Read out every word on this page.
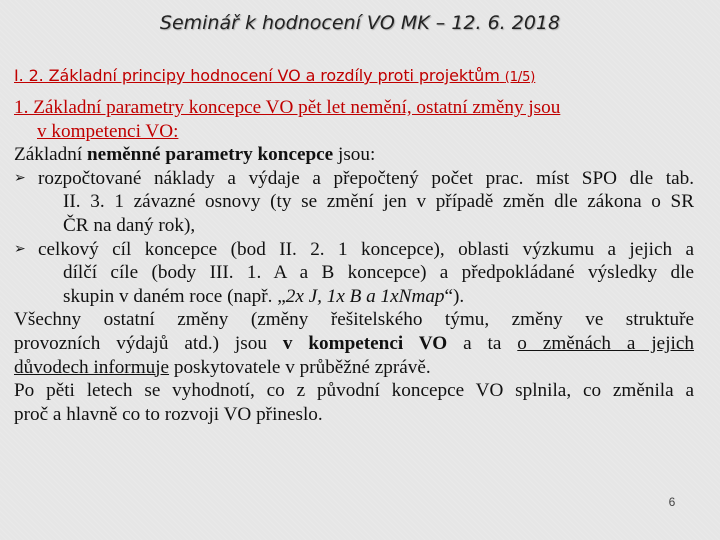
Seminář k hodnocení VO MK – 12. 6. 2018
I. 2. Základní principy hodnocení VO a rozdíly proti projektům (1/5)

1. Základní parametry koncepce VO pět let nemění, ostatní změny jsou
v kompetenci VO:

Základní neměnné parametry koncepce jsou:

➢ rozpočtované náklady a výdaje a přepočtený počet prac. míst SPO dle tab.
II. 3. 1 závazné osnovy (ty se změní jen v případě změn dle zákona o SR
ČR na daný rok),
➢ celkový cíl koncepce (bod II. 2. 1 koncepce), oblasti výzkumu a jejich a
dílčí cíle (body III. 1. A a B koncepce) a předpokládané výsledky dle
skupin v daném roce (např. „2x J, 1x B a 1xNmap“).

Všechny ostatní změny (změny řešitelského týmu, změny ve struktuře
provozních výdajů atd.) jsou v kompetenci VO a ta o změnách a jejich
důvodech informuje poskytovatele v průběžné zprávě.

Po pěti letech se vyhodnotí, co z původní koncepce VO splnila, co změnila a
proč a hlavně co to rozvoji VO přineslo.

6
